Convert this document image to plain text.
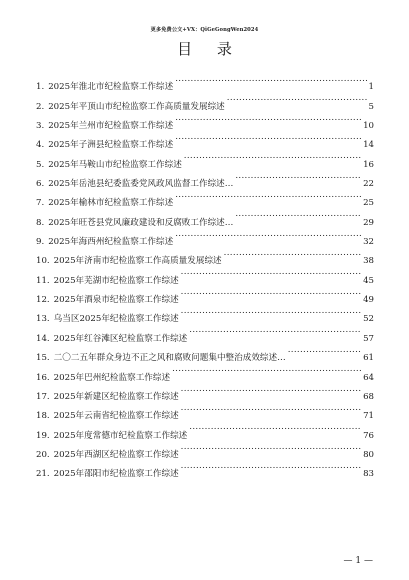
更多免费公文+VX：QiGeGongWen2024
目 录
1. 2025年淮北市纪检监察工作综述 . . .	1
2. 2025年平顶山市纪检监察工作高质量发展综述 . . .	5
3. 2025年兰州市纪检监察工作综述 . . .	10
4. 2025年子洲县纪检监察工作综述 . . .	14
5. 2025年马鞍山市纪检监察工作综述 . . .	16
6. 2025年岳池县纪委监委党风政风监督工作综述… . . .	22
7. 2025年榆林市纪检监察工作综述 . . .	25
8. 2025年旺苍县党风廉政建设和反腐败工作综述… . . .	29
9. 2025年海西州纪检监察工作综述 . . .	32
10. 2025年济南市纪检监察工作高质量发展综述 . . .	38
11. 2025年芜湖市纪检监察工作综述 . . .	45
12. 2025年酒泉市纪检监察工作综述 . . .	49
13. 乌当区2025年纪检监察工作综述 . . .	52
14. 2025年红谷滩区纪检监察工作综述 . . .	57
15. 二〇二五年群众身边不正之风和腐败问题集中整治成效综述… . . .	61
16. 2025年巴州纪检监察工作综述 . . .	64
17. 2025年新建区纪检监察工作综述 . . .	68
18. 2025年云南省纪检监察工作综述 . . .	71
19. 2025年度常德市纪检监察工作综述 . . .	76
20. 2025年西湖区纪检监察工作综述 . . .	80
21. 2025年邵阳市纪检监察工作综述 . . .	83
— 1 —
